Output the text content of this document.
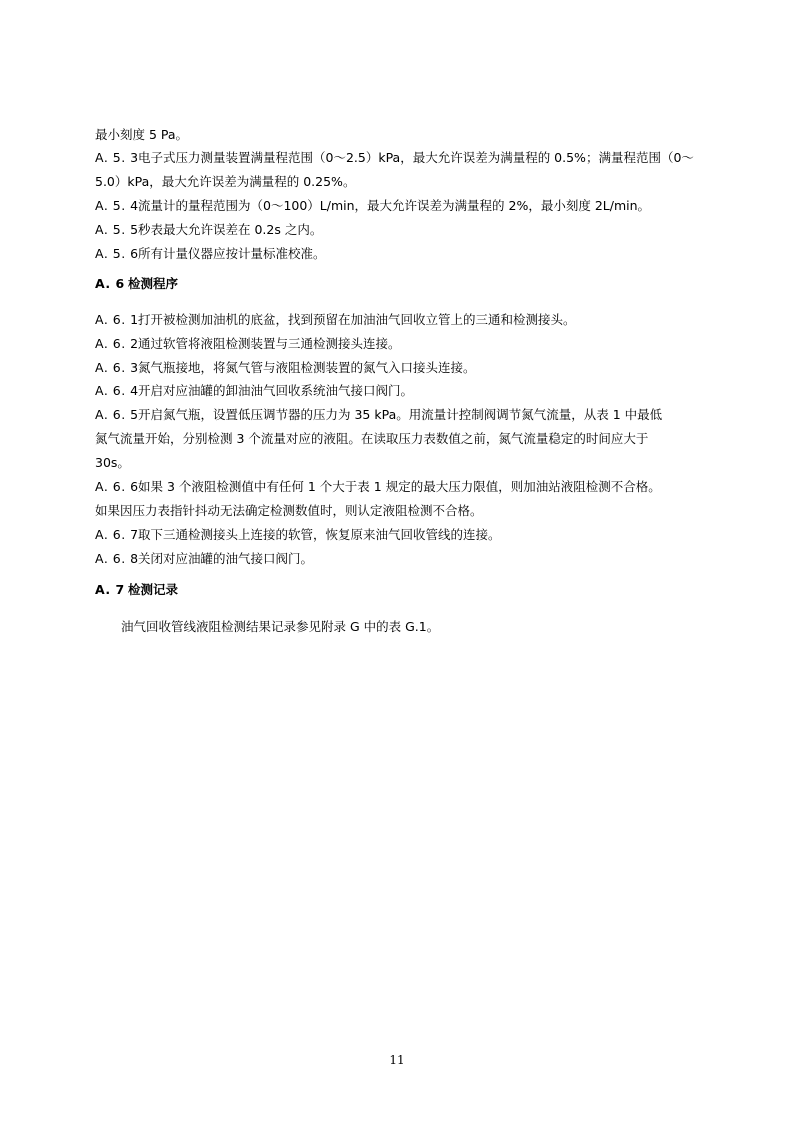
最小刻度 5 Pa。
A. 5. 3电子式压力测量装置满量程范围（0～2.5）kPa，最大允许误差为满量程的 0.5%；满量程范围（0～
5.0）kPa，最大允许误差为满量程的 0.25%。
A. 5. 4流量计的量程范围为（0～100）L/min，最大允许误差为满量程的 2%，最小刻度 2L/min。
A. 5. 5秒表最大允许误差在 0.2s 之内。
A. 5. 6所有计量仪器应按计量标准校准。
A. 6 检测程序
A. 6. 1打开被检测加油机的底盆，找到预留在加油油气回收立管上的三通和检测接头。
A. 6. 2通过软管将液阻检测装置与三通检测接头连接。
A. 6. 3氮气瓶接地，将氮气管与液阻检测装置的氮气入口接头连接。
A. 6. 4开启对应油罐的卸油油气回收系统油气接口阀门。
A. 6. 5开启氮气瓶，设置低压调节器的压力为 35 kPa。用流量计控制阀调节氮气流量，从表 1 中最低
氮气流量开始，分别检测 3 个流量对应的液阻。在读取压力表数值之前，氮气流量稳定的时间应大于
30s。
A. 6. 6如果 3 个液阻检测值中有任何 1 个大于表 1 规定的最大压力限值，则加油站液阻检测不合格。
如果因压力表指针抖动无法确定检测数值时，则认定液阻检测不合格。
A. 6. 7取下三通检测接头上连接的软管，恢复原来油气回收管线的连接。
A. 6. 8关闭对应油罐的油气接口阀门。
A. 7 检测记录
油气回收管线液阻检测结果记录参见附录 G 中的表 G.1。
11
